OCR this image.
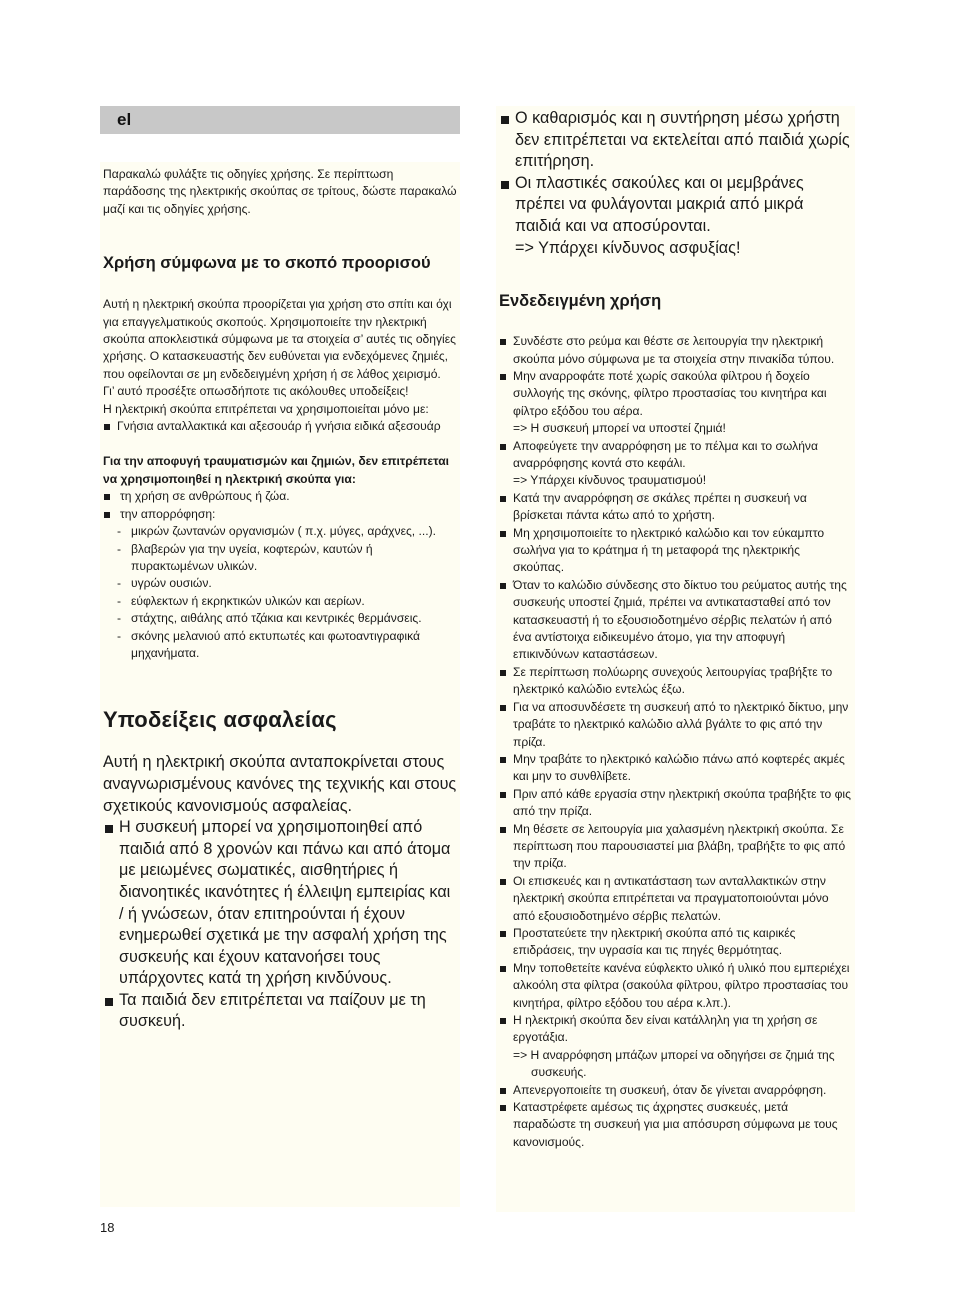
el

Παρακαλώ φυλάξτε τις οδηγίες χρήσης. Σε περίπτωση παράδοσης της ηλεκτρικής σκούπας σε τρίτους, δώστε παρακαλώ μαζί και τις οδηγίες χρήσης.

Χρήση σύμφωνα με το σκοπό προορισού

Αυτή η ηλεκτρική σκούπα προορίζεται για χρήση στο σπίτι και όχι για επαγγελματικούς σκοπούς. Χρησιμοποιείτε την ηλεκτρική σκούπα αποκλειστικά σύμφωνα με τα στοιχεία σ’ αυτές τις οδηγίες χρήσης. Ο κατασκευαστής δεν ευθύνεται για ενδεχόμενες ζημιές, που οφείλονται σε μη ενδεδειγμένη χρήση ή σε λάθος χειρισμό.

Γι’ αυτό προσέξτε οπωσδήποτε τις ακόλουθες υποδείξεις!

Η ηλεκτρική σκούπα επιτρέπεται να χρησιμοποιείται μόνο με:

Γνήσια ανταλλακτικά και αξεσουάρ ή γνήσια ειδικά αξεσουάρ

Για την αποφυγή τραυματισμών και ζημιών, δεν επιτρέπεται να χρησιμοποιηθεί η ηλεκτρική σκούπα για:

τη χρήση σε ανθρώπους ή ζώα.
την απορρόφηση:
- μικρών ζωντανών οργανισμών ( π.χ. μύγες, αράχνες, ...).
- βλαβερών για την υγεία, κοφτερών, καυτών ή πυρακτωμένων υλικών.
- υγρών ουσιών.
- εύφλεκτων ή εκρηκτικών υλικών και αερίων.
- στάχτης, αιθάλης από τζάκια και κεντρικές θερμάνσεις.
- σκόνης μελανιού από εκτυπωτές και φωτοαντιγραφικά μηχανήματα.

Υποδείξεις ασφαλείας

Αυτή η ηλεκτρική σκούπα ανταποκρίνεται στους αναγνωρισμένους κανόνες της τεχνικής και στους σχετικούς κανονισμούς ασφαλείας.

Η συσκευή μπορεί να χρησιμοποιηθεί από παιδιά από 8 χρονών και πάνω και από άτομα με μειωμένες σωματικές, αισθητήριες ή διανοητικές ικανότητες ή έλλειψη εμπειρίας και / ή γνώσεων, όταν επιτηρούνται ή έχουν ενημερωθεί σχετικά με την ασφαλή χρήση της συσκευής και έχουν κατανοήσει τους υπάρχοντες κατά τη χρήση κινδύνους.
Τα παιδιά δεν επιτρέπεται να παίζουν με τη συσκευή.
Ο καθαρισμός και η συντήρηση μέσω χρήστη δεν επιτρέπεται να εκτελείται από παιδιά χωρίς επιτήρηση.
Οι πλαστικές σακούλες και οι μεμβράνες πρέπει να φυλάγονται μακριά από μικρά παιδιά και να αποσύρονται.

=> Υπάρχει κίνδυνος ασφυξίας!

Ενδεδειγμένη χρήση

Συνδέστε στο ρεύμα και θέστε σε λειτουργία την ηλεκτρική σκούπα μόνο σύμφωνα με τα στοιχεία στην πινακίδα τύπου.
Μην αναρροφάτε ποτέ χωρίς σακούλα φίλτρου ή δοχείο συλλογής της σκόνης, φίλτρο προστασίας του κινητήρα και φίλτρο εξόδου του αέρα.
=> Η συσκευή μπορεί να υποστεί ζημιά!
Αποφεύγετε την αναρρόφηση με το πέλμα και το σωλήνα αναρρόφησης κοντά στο κεφάλι.
=> Υπάρχει κίνδυνος τραυματισμού!
Κατά την αναρρόφηση σε σκάλες πρέπει η συσκευή να βρίσκεται πάντα κάτω από το χρήστη.
Μη χρησιμοποιείτε το ηλεκτρικό καλώδιο και τον εύκαμπτο σωλήνα για το κράτημα ή τη μεταφορά της ηλεκτρικής σκούπας.
Όταν το καλώδιο σύνδεσης στο δίκτυο του ρεύματος αυτής της συσκευής υποστεί ζημιά, πρέπει να αντικατασταθεί από τον κατασκευαστή ή το εξουσιοδοτημένο σέρβις πελατών ή από ένα αντίστοιχα ειδικευμένο άτομο, για την αποφυγή επικινδύνων καταστάσεων.
Σε περίπτωση πολύωρης συνεχούς λειτουργίας τραβήξτε το ηλεκτρικό καλώδιο εντελώς έξω.
Για να αποσυνδέσετε τη συσκευή από το ηλεκτρικό δίκτυο, μην τραβάτε το ηλεκτρικό καλώδιο αλλά βγάλτε το φις από την πρίζα.
Μην τραβάτε το ηλεκτρικό καλώδιο πάνω από κοφτερές ακμές και μην το συνθλίβετε.
Πριν από κάθε εργασία στην ηλεκτρική σκούπα τραβήξτε το φις από την πρίζα.
Μη θέσετε σε λειτουργία μια χαλασμένη ηλεκτρική σκούπα. Σε περίπτωση που παρουσιαστεί μια βλάβη, τραβήξτε το φις από την πρίζα.
Οι επισκευές και η αντικατάσταση των ανταλλακτικών στην ηλεκτρική σκούπα επιτρέπεται να πραγματοποιούνται μόνο από εξουσιοδοτημένο σέρβις πελατών.
Προστατεύετε την ηλεκτρική σκούπα από τις καιρικές επιδράσεις, την υγρασία και τις πηγές θερμότητας.
Μην τοποθετείτε κανένα εύφλεκτο υλικό ή υλικό που εμπεριέχει αλκοόλη στα φίλτρα (σακούλα φίλτρου, φίλτρο προστασίας του κινητήρα, φίλτρο εξόδου του αέρα κ.λπ.).
Η ηλεκτρική σκούπα δεν είναι κατάλληλη για τη χρήση σε εργοτάξια.
=> Η αναρρόφηση μπάζων μπορεί να οδηγήσει σε ζημιά της συσκευής.
Απενεργοποιείτε τη συσκευή, όταν δε γίνεται αναρρόφηση.
Καταστρέφετε αμέσως τις άχρηστες συσκευές, μετά παραδώστε τη συσκευή για μια απόσυρση σύμφωνα με τους κανονισμούς.
18
